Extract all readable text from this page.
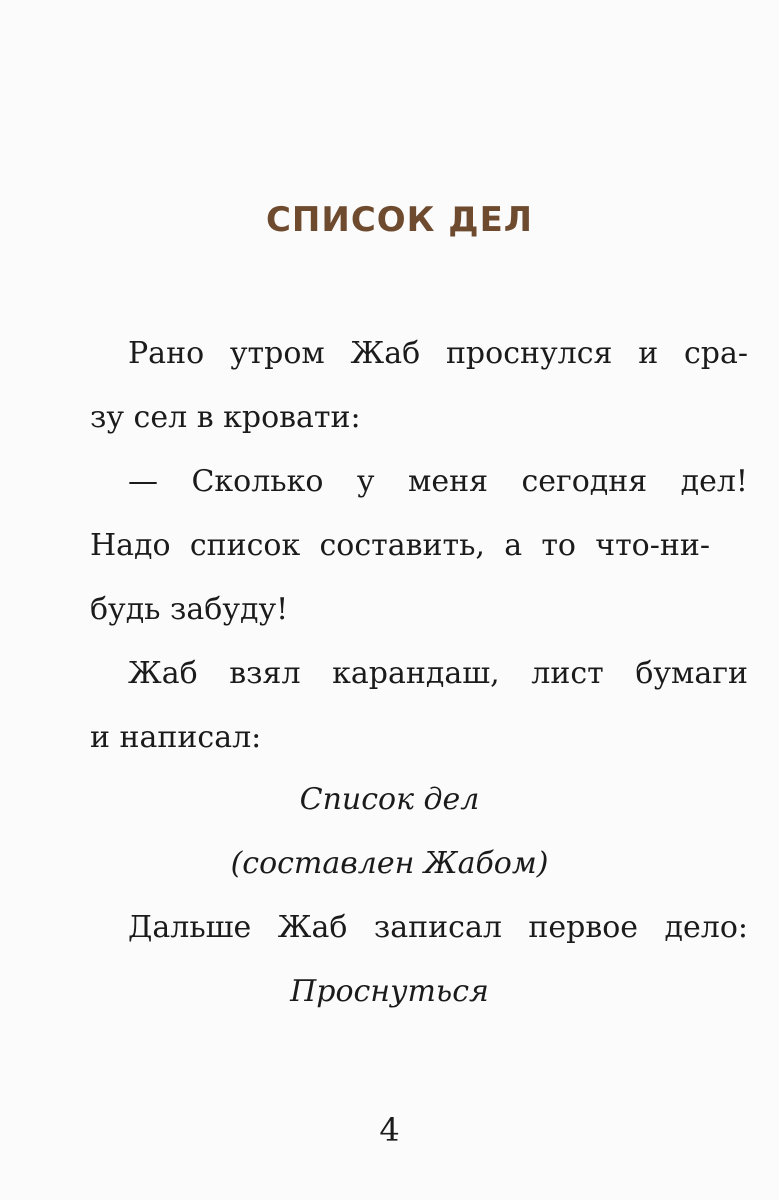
СПИСОК ДЕЛ
Рано утром Жаб проснулся и сра-
зу сел в кровати:
— Сколько у меня сегодня дел!
Надо список составить, а то что-ни-
будь забуду!
Жаб взял карандаш, лист бумаги
и написал:
Список дел
(составлен Жабом)
Дальше Жаб записал первое дело:
Проснуться
4
